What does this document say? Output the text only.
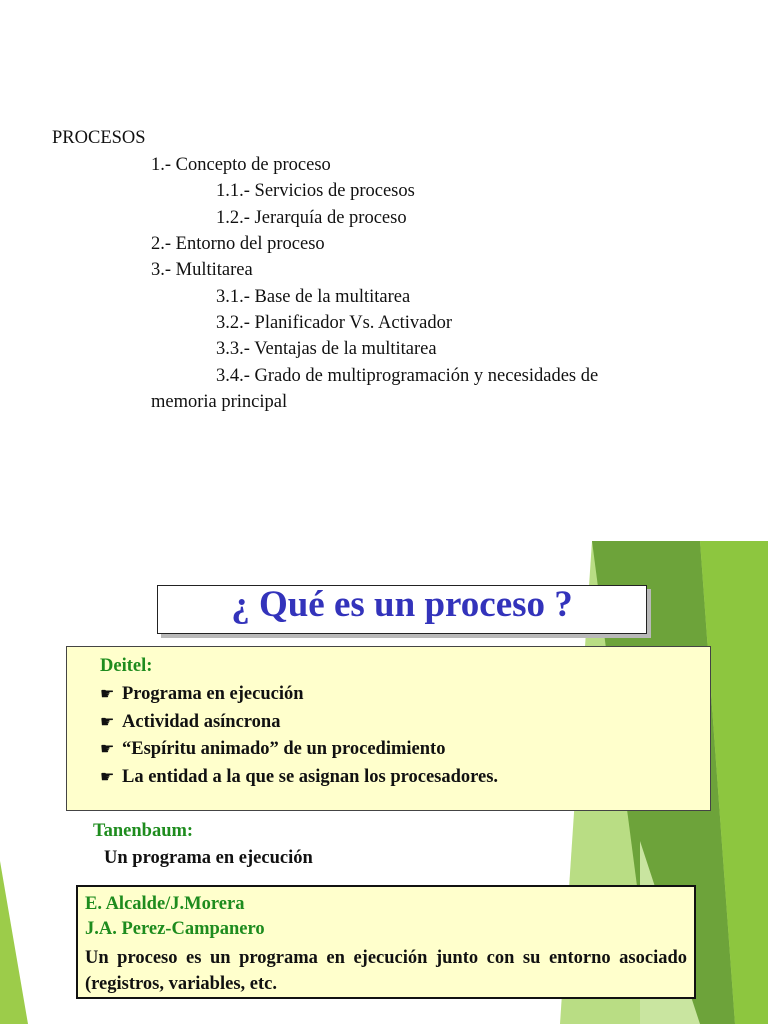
PROCESOS
1.- Concepto de proceso
1.1.- Servicios de procesos
1.2.- Jerarquía de proceso
2.- Entorno del proceso
3.- Multitarea
3.1.- Base de la multitarea
3.2.- Planificador Vs. Activador
3.3.- Ventajas de la multitarea
3.4.- Grado de multiprogramación y necesidades de
memoria principal
¿ Qué es un proceso ?
Deitel:
☛ Programa en ejecución
☛ Actividad asíncrona
☛ “Espíritu animado” de un procedimiento
☛ La entidad a la que se asignan los procesadores.
Tanenbaum:
Un programa en ejecución
E. Alcalde/J.Morera
J.A. Perez-Campanero
Un proceso es un programa en ejecución junto con su entorno asociado (registros, variables, etc.
